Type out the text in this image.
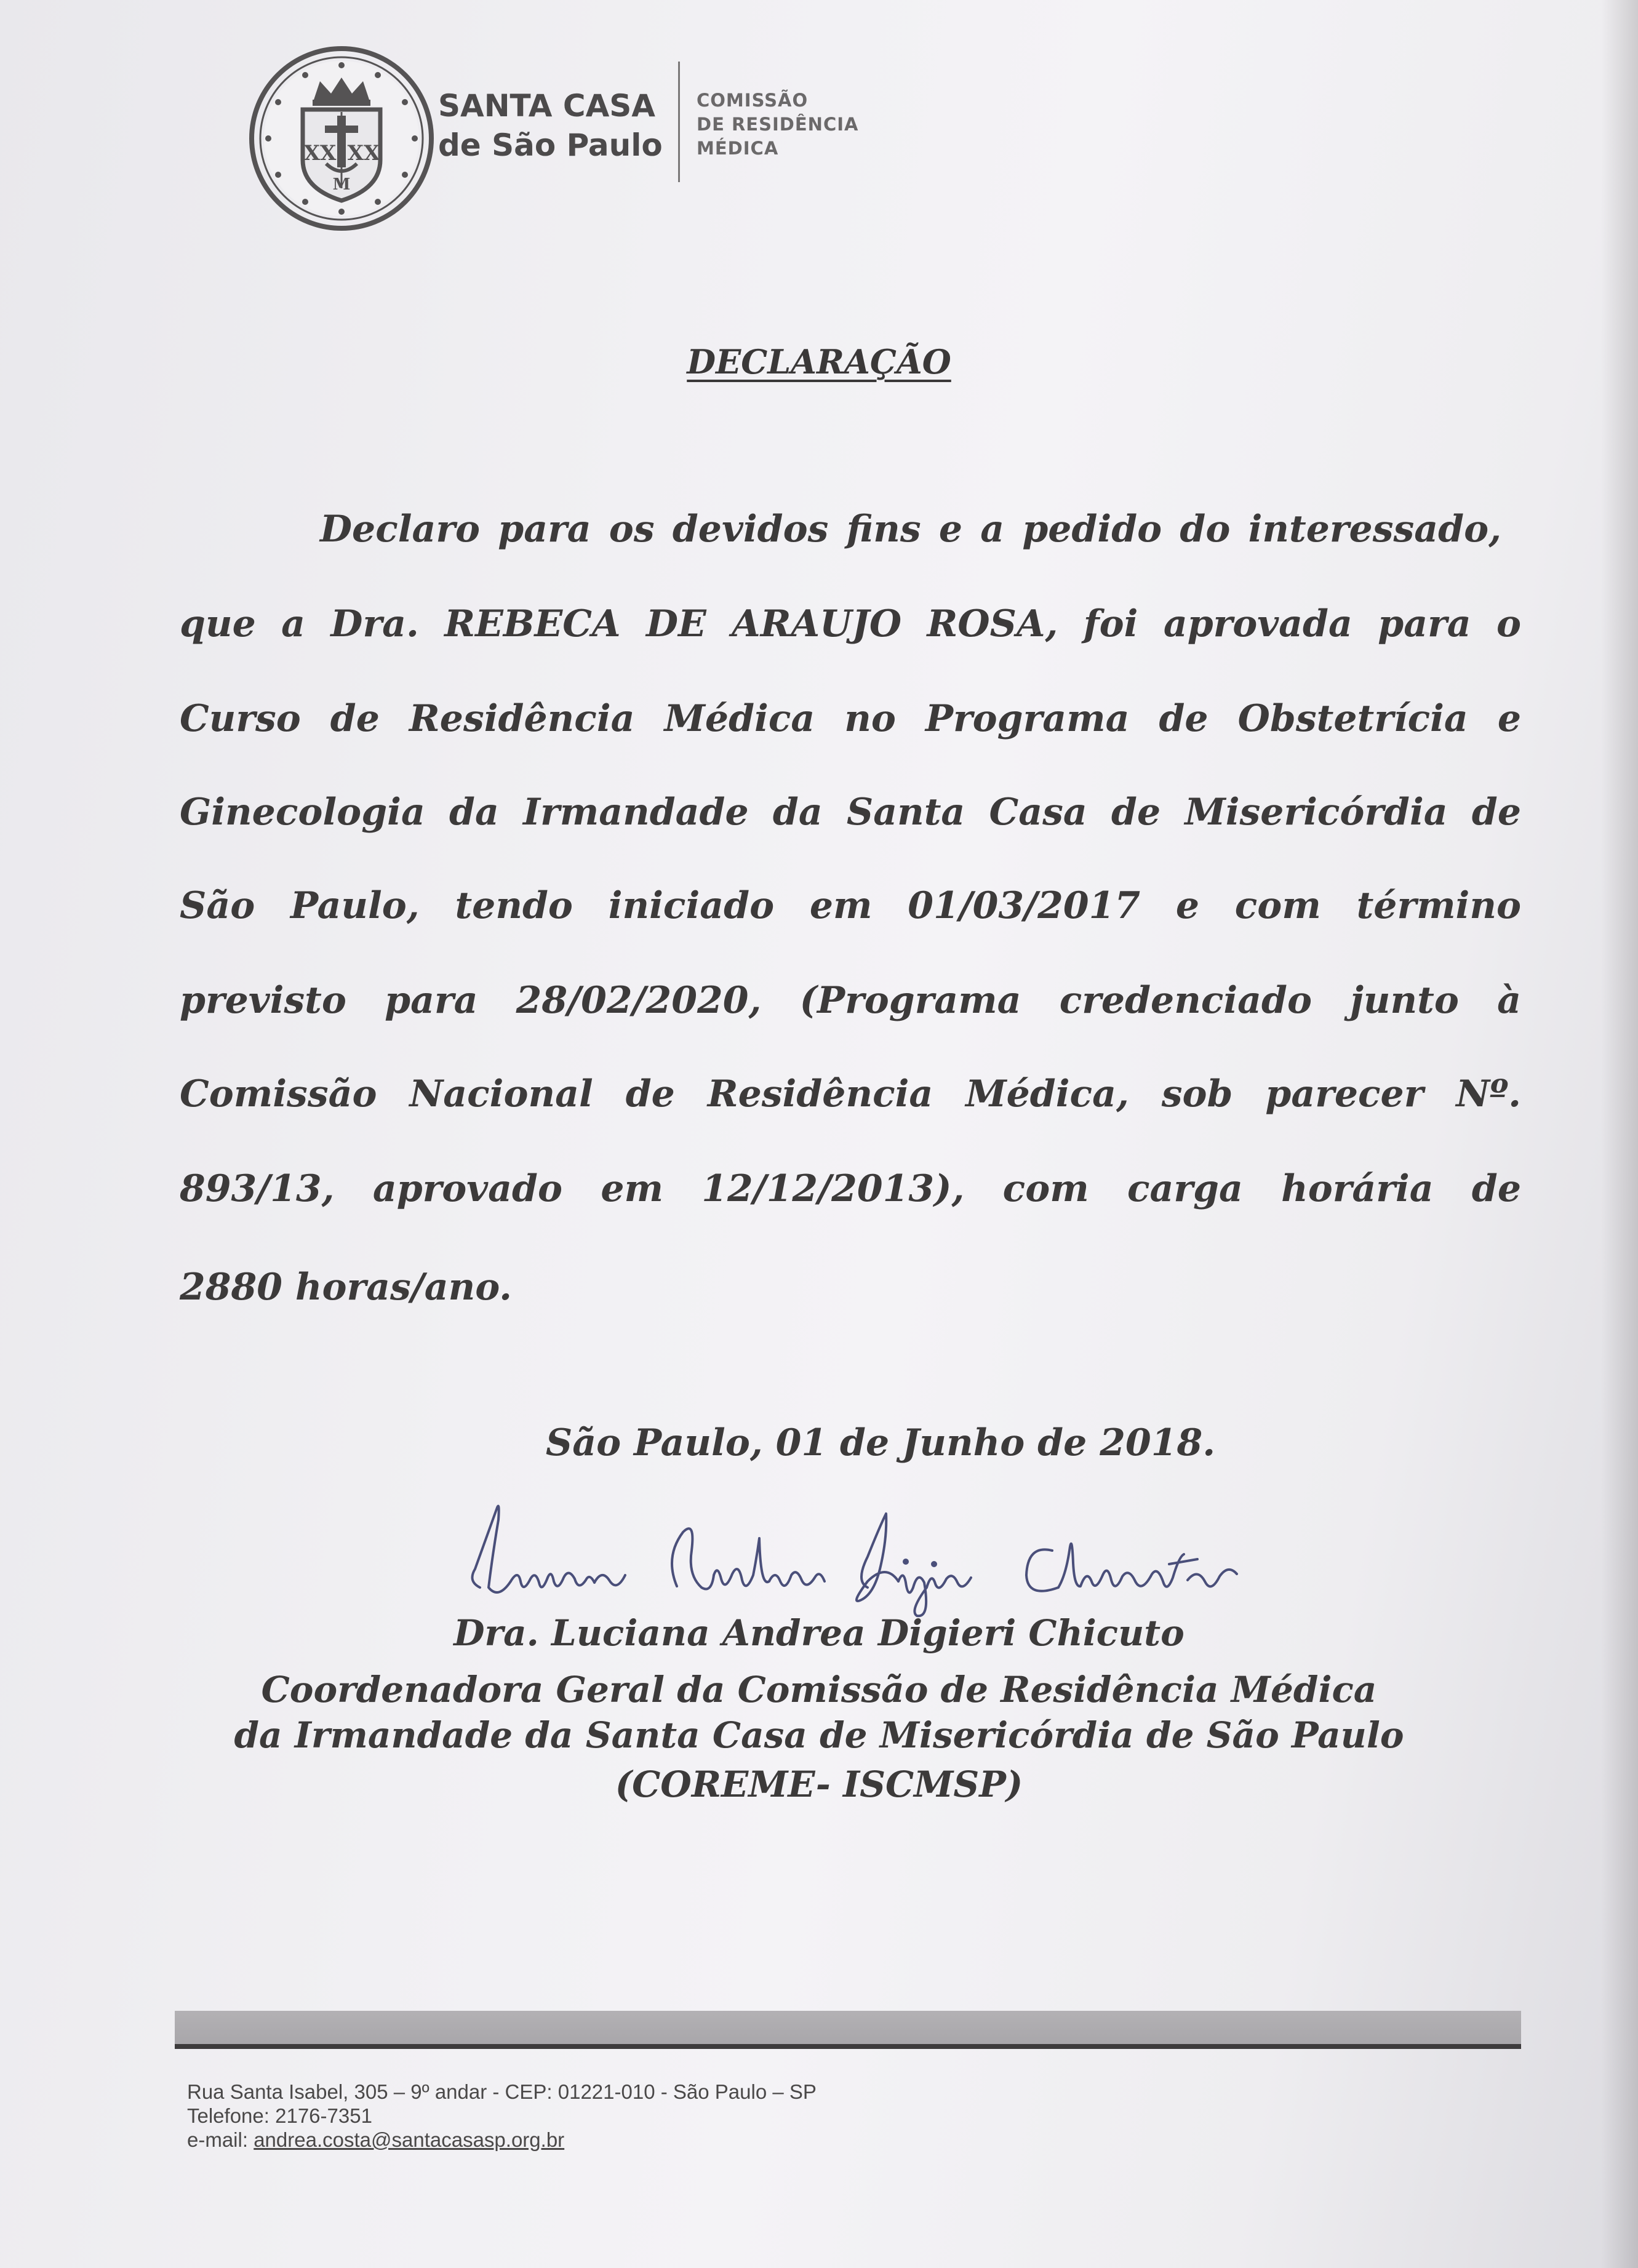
XX XX
M
SANTA CASA
de São Paulo
COMISSÃO
DE RESIDÊNCIA
MÉDICA
DECLARAÇÃO
Declaro para os devidos fins e a pedido do interessado,
que a Dra. REBECA DE ARAUJO ROSA, foi aprovada para o
Curso de Residência Médica no Programa de Obstetrícia e
Ginecologia da Irmandade da Santa Casa de Misericórdia de
São Paulo, tendo iniciado em 01/03/2017 e com término
previsto para 28/02/2020, (Programa credenciado junto à
Comissão Nacional de Residência Médica, sob parecer Nº.
893/13, aprovado em 12/12/2013), com carga horária de
2880 horas/ano.
São Paulo, 01 de Junho de 2018.
Dra. Luciana Andrea Digieri Chicuto
Coordenadora Geral da Comissão de Residência Médica
da Irmandade da Santa Casa de Misericórdia de São Paulo
(COREME- ISCMSP)
Rua Santa Isabel, 305 – 9º andar - CEP: 01221-010 - São Paulo – SP
Telefone: 2176-7351
e-mail: andrea.costa@santacasasp.org.br
